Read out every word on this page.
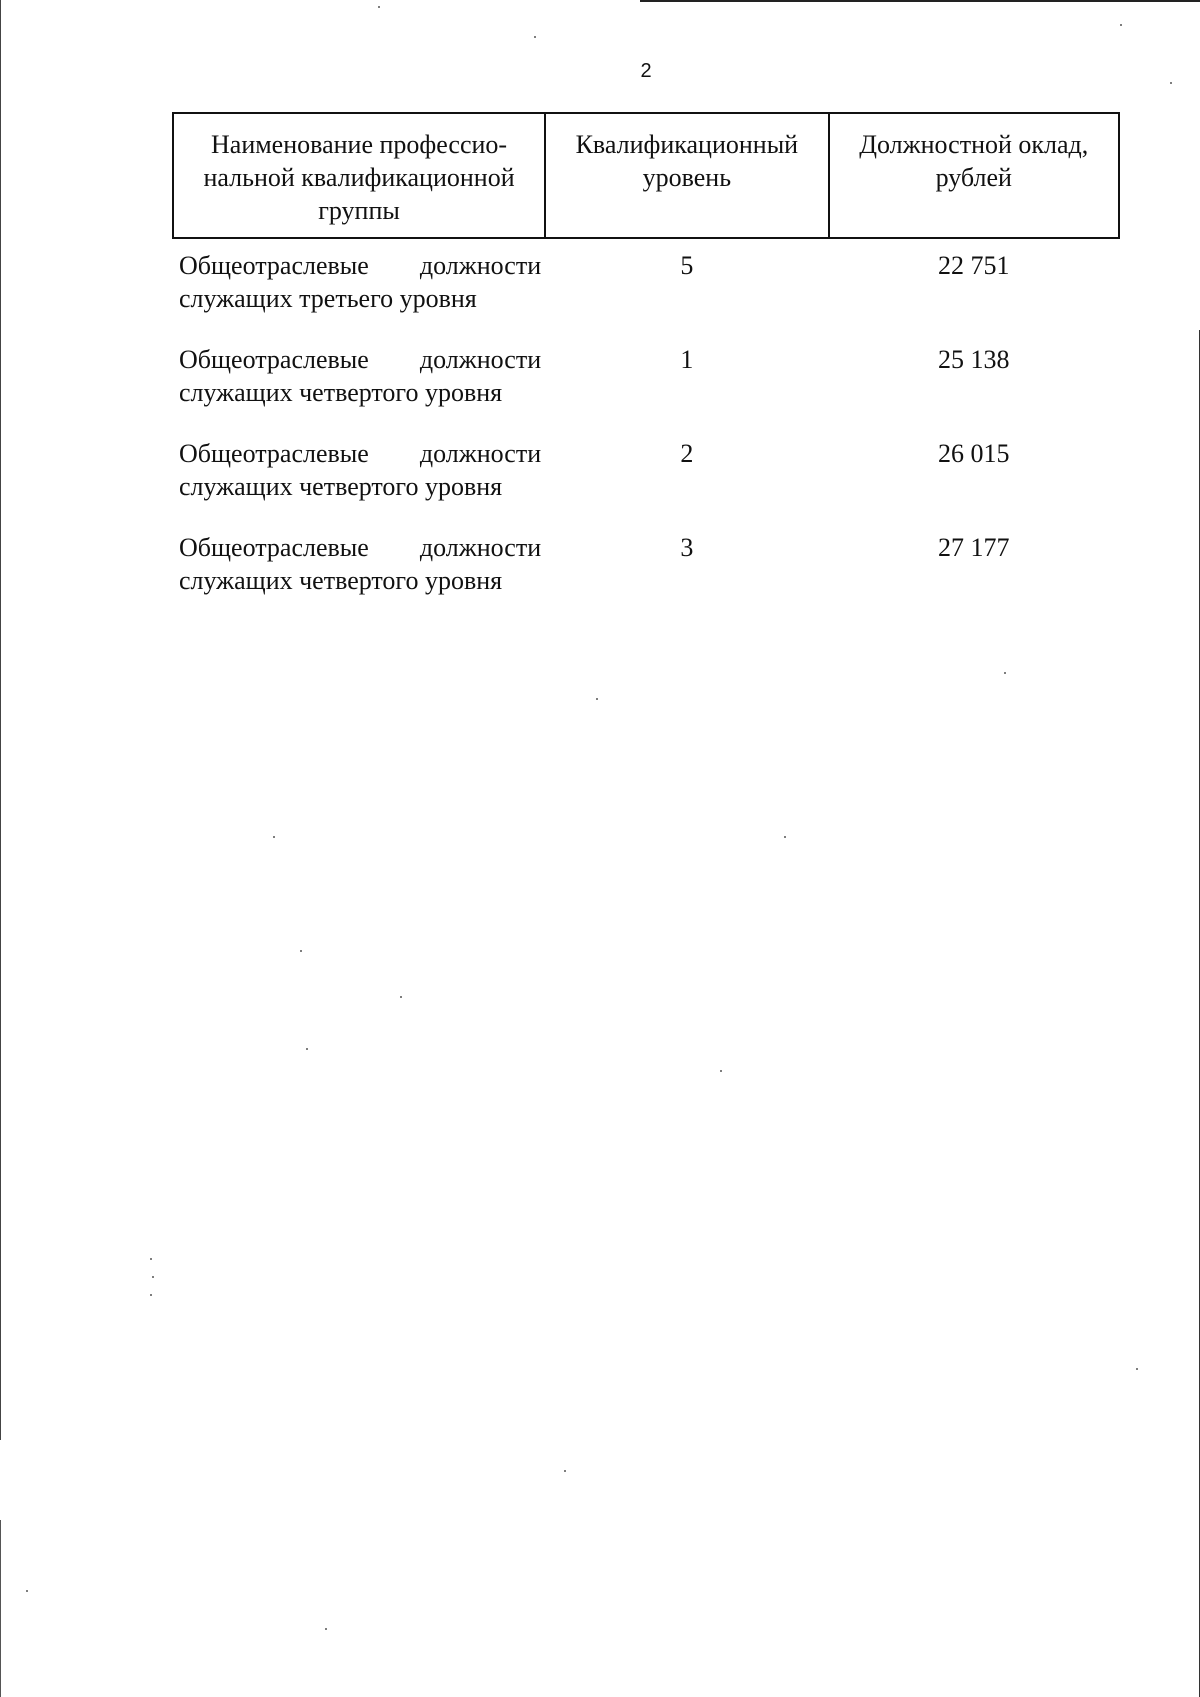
2
Наименование профессио-нальной квалификационной группы	Квалификационный уровень	Должностной оклад, рублей
Общеотраслевые должности служащих третьего уровня	5	22 751
Общеотраслевые должности служащих четвертого уровня	1	25 138
Общеотраслевые должности служащих четвертого уровня	2	26 015
Общеотраслевые должности служащих четвертого уровня	3	27 177
